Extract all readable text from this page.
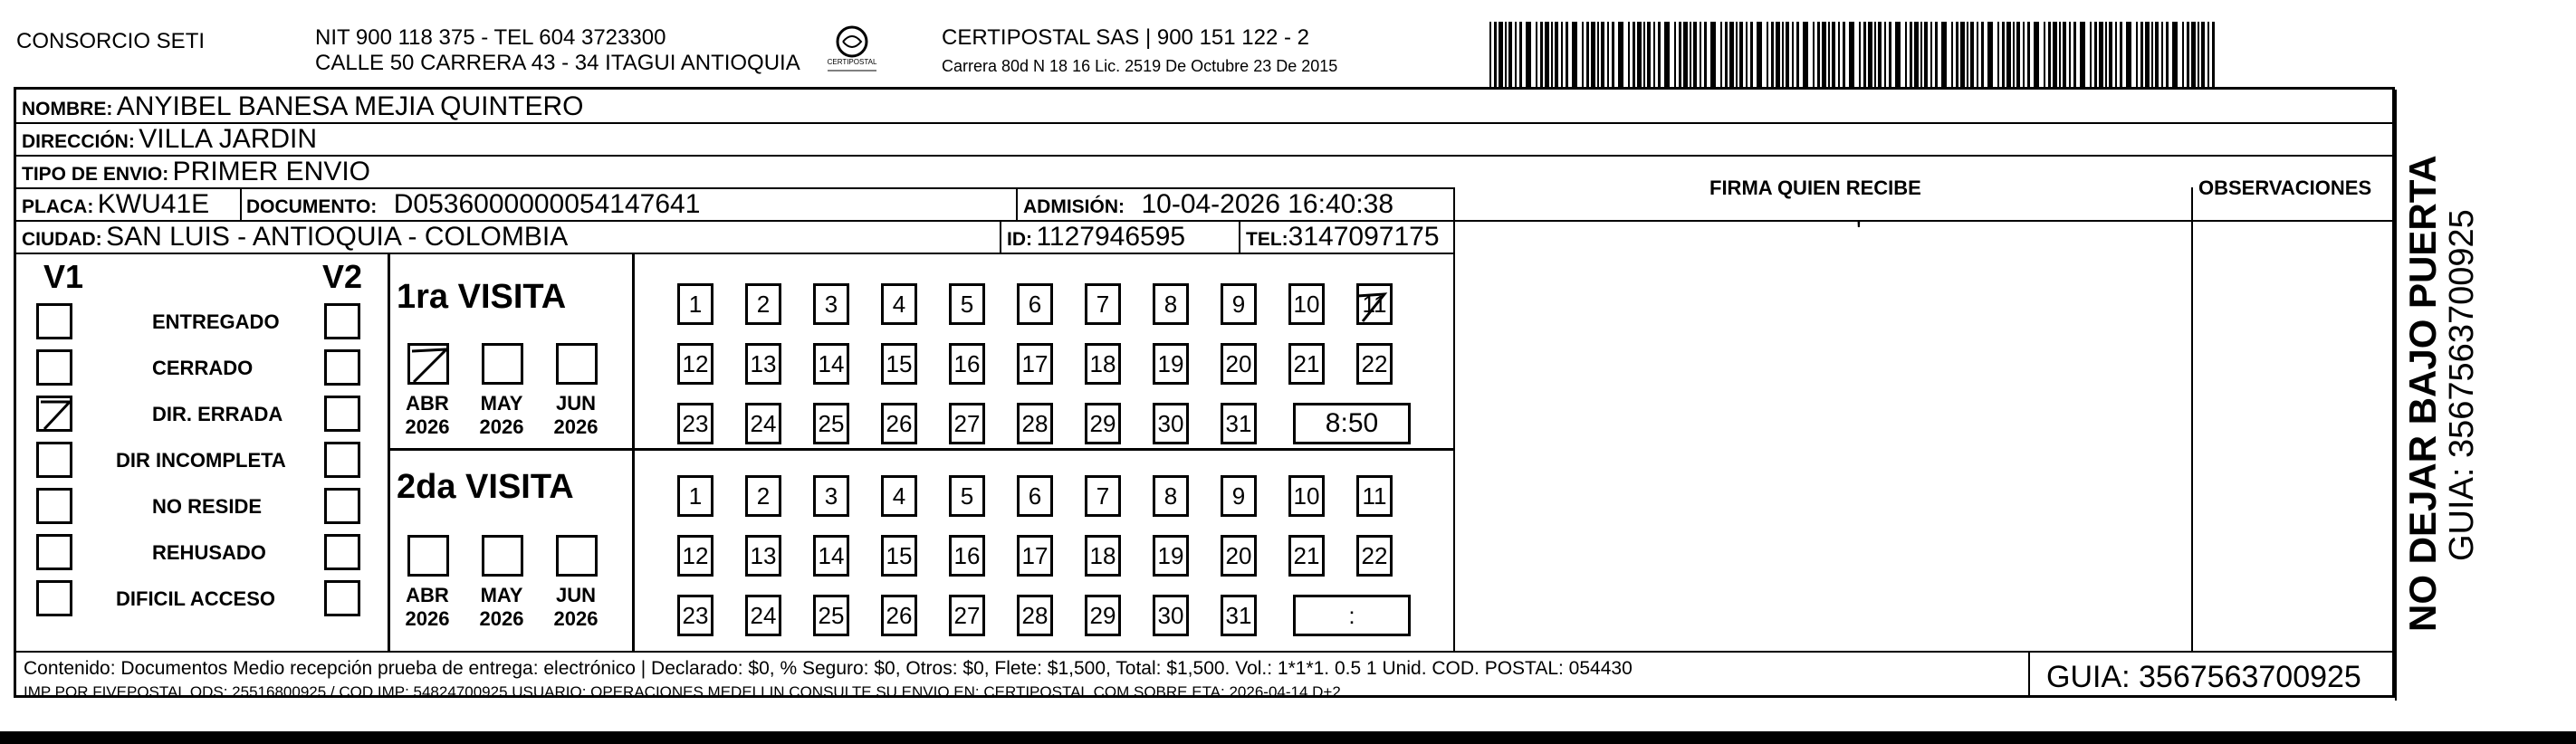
CONSORCIO SETI	NIT 900 118 375 - TEL 604 3723300
CALLE 50 CARRERA 43 - 34 ITAGUI ANTIOQUIA	CERTIPOSTAL
CERTIPOSTAL SAS | 900 151 122 - 2
Carrera 80d N 18 16 Lic. 2519 De Octubre 23 De 2015
NOMBRE: ANYIBEL BANESA MEJIA QUINTERO
DIRECCIÓN: VILLA JARDIN
TIPO DE ENVIO: PRIMER ENVIO
FIRMA QUIEN RECIBE	OBSERVACIONES
PLACA: KWU41E DOCUMENTO: D0536000000054147641	ADMISIÓN: 10-04-2026 16:40:38
'
CIUDAD: SAN LUIS - ANTIOQUIA - COLOMBIA	ID: 1127946595	TEL:3147097175
V1	V2
ENTREGADO
CERRADO
DIR. ERRADA
DIR INCOMPLETA
NO RESIDE
REHUSADO
DIFICIL ACCESO
1ra VISITA
ABR
2026
MAY
2026
JUN
2026
1	2	3	4	5	6	7	8	9	10 11
12 13 14 15 16 17 18 19 20 21 22
23 24 25 26 27 28 29 30 31	8:50
2da VISITA
ABR
2026
MAY
2026
JUN
2026
1	2	3	4	5	6	7	8	9	10 11
12 13 14 15 16 17 18 19 20 21 22
23 24 25 26 27 28 29 30 31	:
Contenido: Documentos Medio recepción prueba de entrega: electrónico | Declarado: $0, % Seguro: $0, Otros: $0, Flete: $1,500, Total: $1,500. Vol.: 1*1*1. 0.5 1 Unid. COD. POSTAL: 054430
IMP POR FIVEPOSTAL ODS: 25516800925 / COD.IMP: 54824700925 USUARIO: OPERACIONES MEDELLIN CONSULTE SU ENVIO EN: CERTIPOSTAL.COM SOBRE ETA: 2026-04-14 D+2	GUIA: 3567563700925
NO DEJAR BAJO PUERTA GUIA: 3567563700925
